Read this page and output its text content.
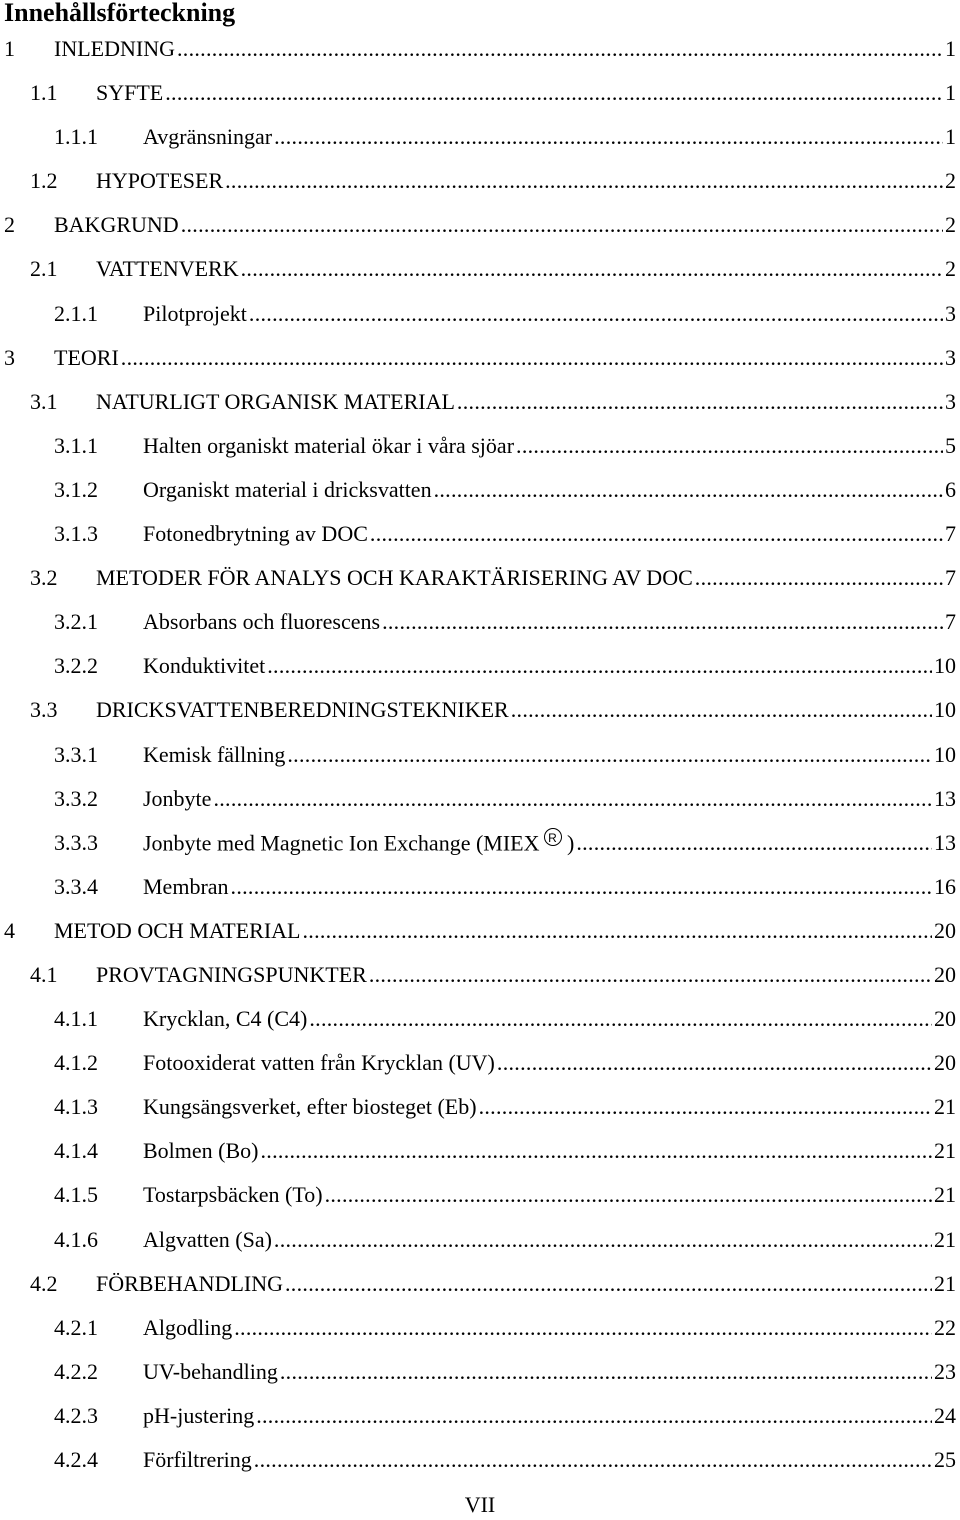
Innehållsförteckning
1 INLEDNING . . .	1
1.1 SYFTE . . .	1
1.1.1 Avgränsningar . . .	1
1.2 HYPOTESER . . .	2
2 BAKGRUND . . .	2
2.1 VATTENVERK . . .	2
2.1.1 Pilotprojekt . . .	3
3 TEORI . . .	3
3.1 NATURLIGT ORGANISK MATERIAL . . .	3
3.1.1 Halten organiskt material ökar i våra sjöar . . .	5
3.1.2 Organiskt material i dricksvatten . . .	6
3.1.3 Fotonedbrytning av DOC . . .	7
3.2 METODER FÖR ANALYS OCH KARAKTÄRISERING AV DOC . . .	7
3.2.1 Absorbans och fluorescens . . .	7
3.2.2 Konduktivitet . . .	10
3.3 DRICKSVATTENBEREDNINGSTEKNIKER . . .	10
3.3.1 Kemisk fällning . . .	10
3.3.2 Jonbyte . . .	13
3.3.3 Jonbyte med Magnetic Ion Exchange (MIEX R ) . . .	13
3.3.4 Membran . . .	16
4 METOD OCH MATERIAL . . .	20
4.1 PROVTAGNINGSPUNKTER . . .	20
4.1.1 Krycklan, C4 (C4) . . .	20
4.1.2 Fotooxiderat vatten från Krycklan (UV) . . .	20
4.1.3 Kungsängsverket, efter biosteget (Eb) . . .	21
4.1.4 Bolmen (Bo) . . .	21
4.1.5 Tostarpsbäcken (To) . . .	21
4.1.6 Algvatten (Sa) . . .	21
4.2 FÖRBEHANDLING . . .	21
4.2.1 Algodling . . .	22
4.2.2 UV-behandling . . .	23
4.2.3 pH-justering . . .	24
4.2.4 Förfiltrering . . .	25
VII
